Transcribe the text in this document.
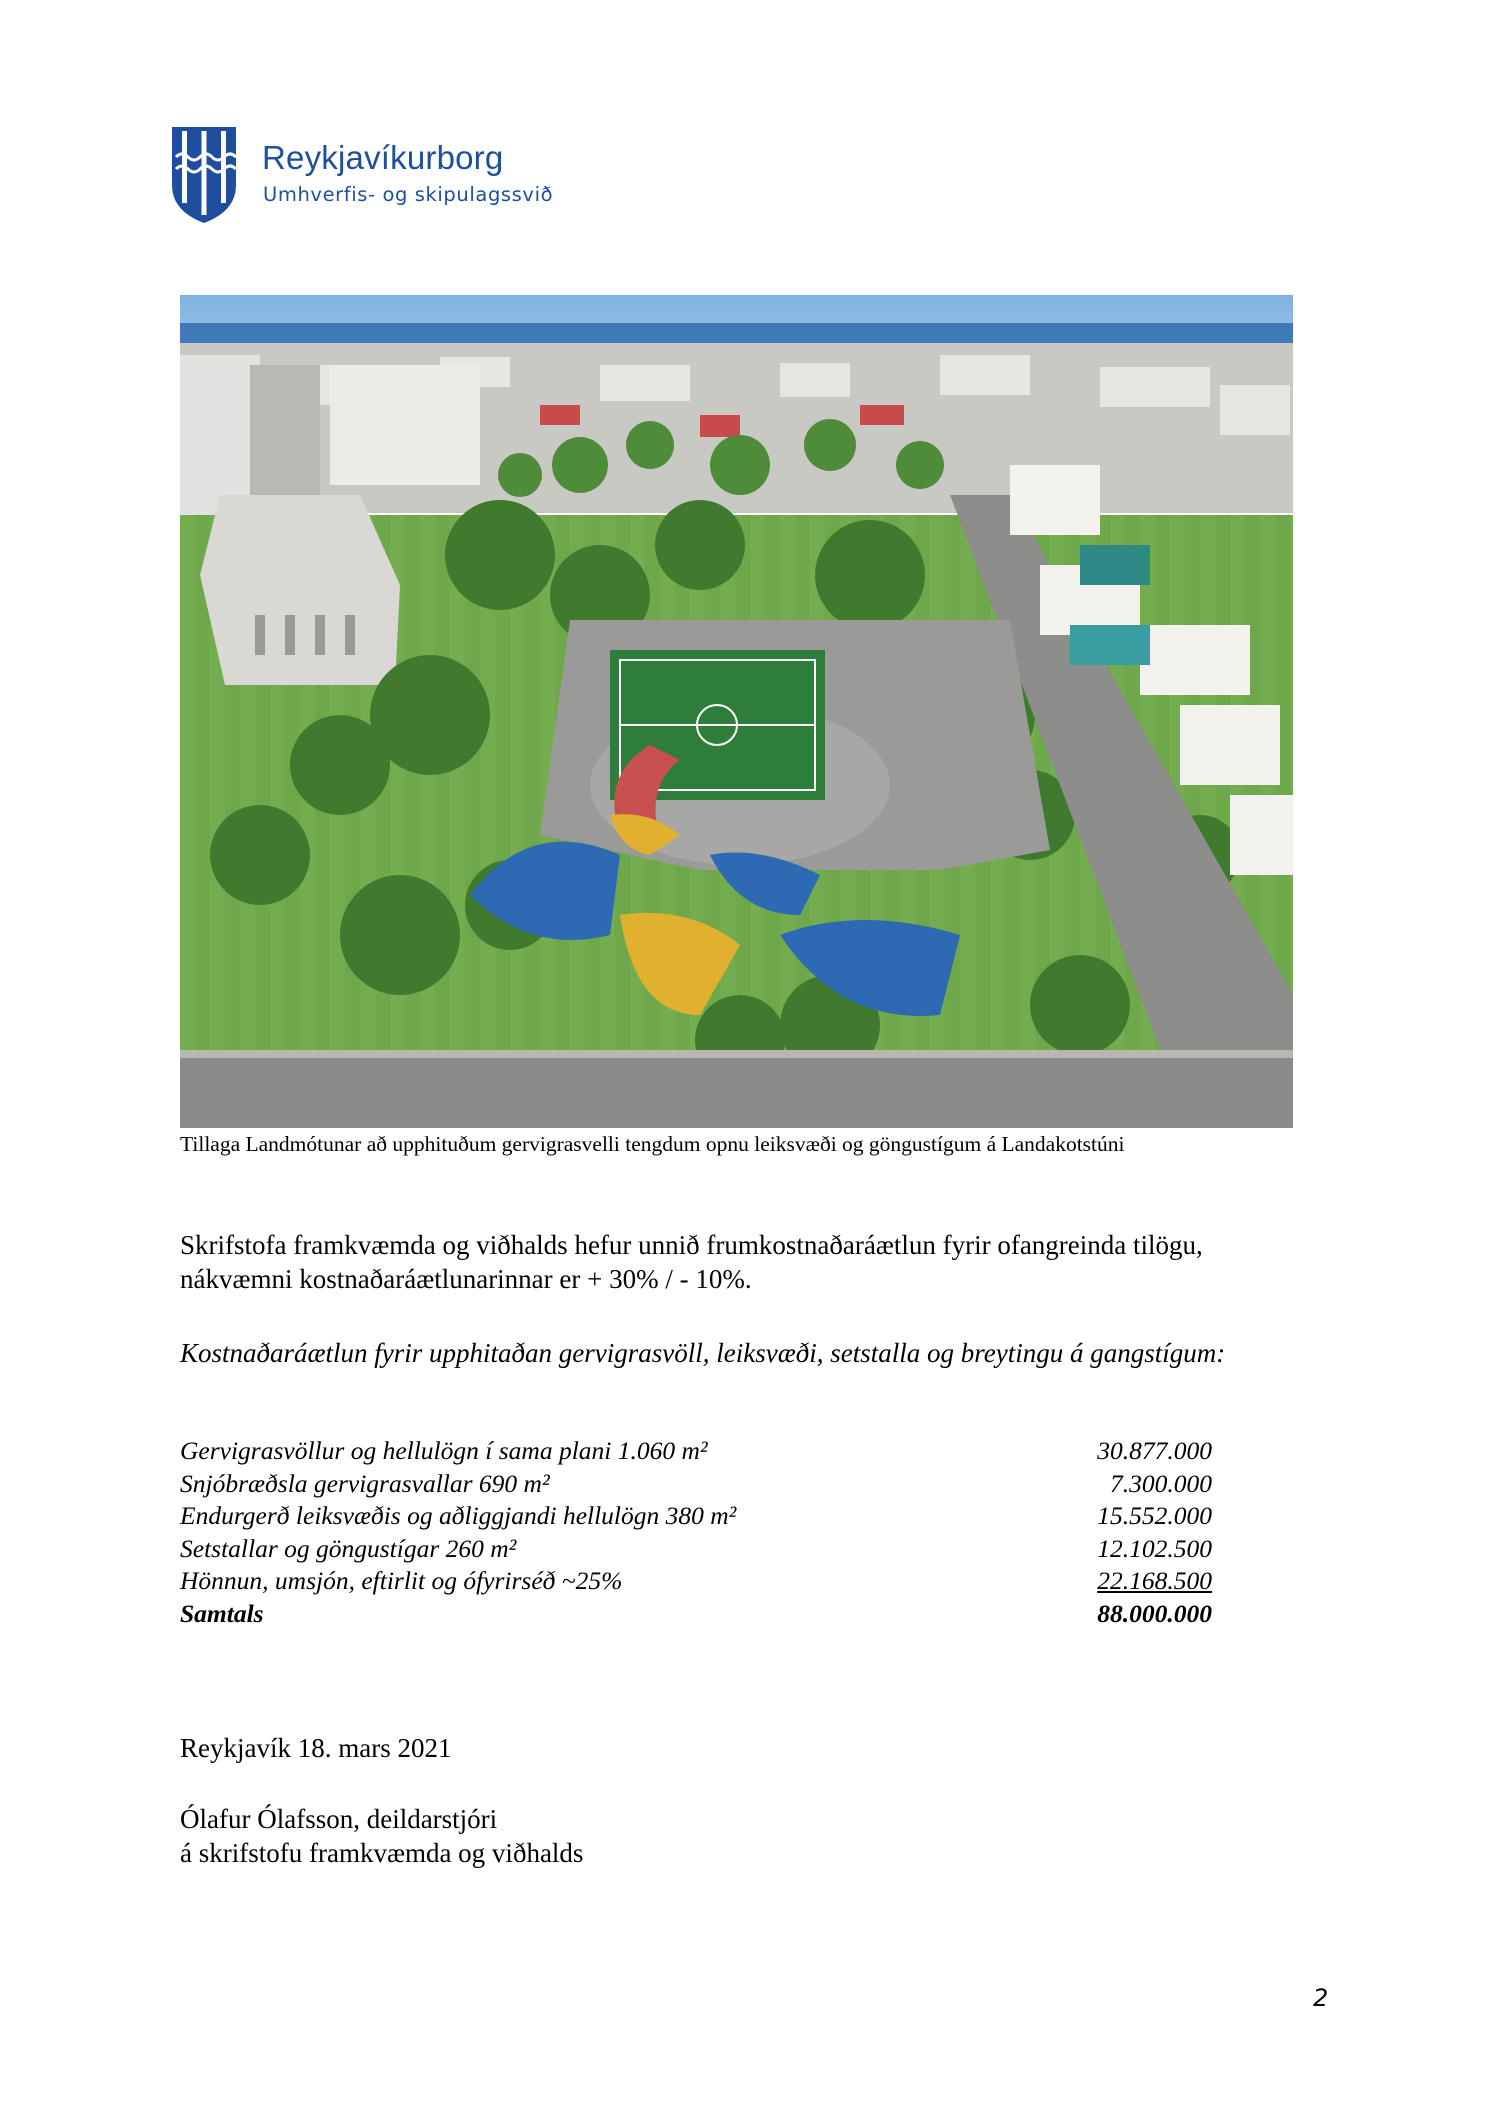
Reykjavíkurborg
Umhverfis- og skipulagssvið
Tillaga Landmótunar að upphituðum gervigrasvelli tengdum opnu leiksvæði og göngustígum á Landakotstúni
Skrifstofa framkvæmda og viðhalds hefur unnið frumkostnaðaráætlun fyrir ofangreinda tilögu, nákvæmni kostnaðaráætlunarinnar er + 30% / - 10%.
Kostnaðaráætlun fyrir upphitaðan gervigrasvöll, leiksvæði, setstalla og breytingu á gangstígum:
Gervigrasvöllur og hellulögn í sama plani 1.060 m²	30.877.000
Snjóbræðsla gervigrasvallar 690 m²	7.300.000
Endurgerð leiksvæðis og aðliggjandi hellulögn 380 m²	15.552.000
Setstallar og göngustígar 260 m²	12.102.500
Hönnun, umsjón, eftirlit og ófyrirséð ~25%	22.168.500
Samtals	88.000.000
Reykjavík 18. mars 2021
Ólafur Ólafsson, deildarstjóri
á skrifstofu framkvæmda og viðhalds
2
